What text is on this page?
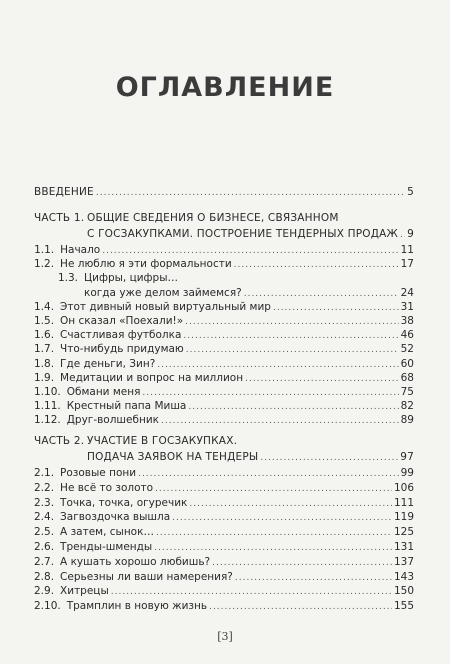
ОГЛАВЛЕНИЕ
ВВЕДЕНИЕ .....	5
ЧАСТЬ 1. ОБЩИЕ СВЕДЕНИЯ О БИЗНЕСЕ, СВЯЗАННОМ
С ГОСЗАКУПКАМИ. ПОСТРОЕНИЕ ТЕНДЕРНЫХ ПРОДАЖ ..... 9
1.1. Начало .....	11
1.2. Не люблю я эти формальности .....	17
1.3. Цифры, цифры…
когда уже делом займемся? .....	24
1.4. Этот дивный новый виртуальный мир .....	31
1.5. Он сказал «Поехали!» .....	38
1.6. Счастливая футболка .....	46
1.7. Что-нибудь придумаю .....	52
1.8. Где деньги, Зин? .....	60
1.9. Медитации и вопрос на миллион .....	68
1.10. Обмани меня .....	75
1.11. Крестный папа Миша .....	82
1.12. Друг-волшебник .....	89
ЧАСТЬ 2. УЧАСТИЕ В ГОСЗАКУПКАХ.
ПОДАЧА ЗАЯВОК НА ТЕНДЕРЫ .....	97
2.1. Розовые пони .....	99
2.2. Не всё то золото .....	106
2.3. Точка, точка, огуречик .....	111
2.4. Загвоздочка вышла .....	119
2.5. А затем, сынок… .....	125
2.6. Тренды-шменды .....	131
2.7. А кушать хорошо любишь? .....	137
2.8. Серьезны ли ваши намерения? .....	143
2.9. Хитрецы .....	150
2.10. Трамплин в новую жизнь .....	155
[3]
